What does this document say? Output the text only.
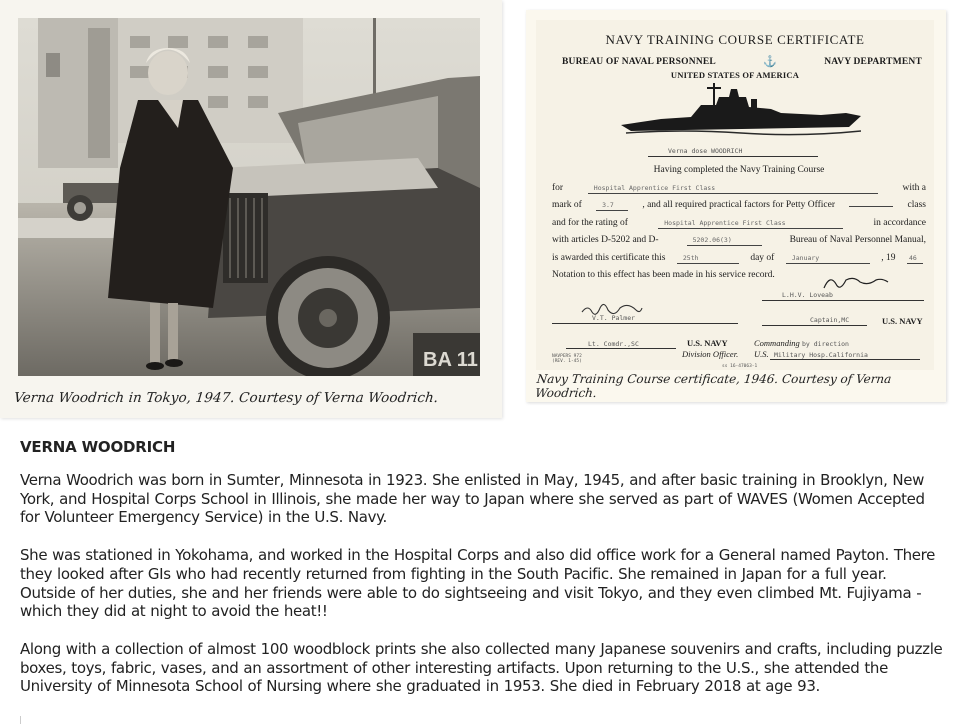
BA 11
Verna Woodrich in Tokyo, 1947. Courtesy of Verna Woodrich.
NAVY TRAINING COURSE CERTIFICATE
BUREAU OF NAVAL PERSONNEL	⚓	NAVY DEPARTMENT
UNITED STATES OF AMERICA
Verna dose WOODRICH
Having completed the Navy Training Course
for	Hospital Apprentice First Class	with a
mark of	3.7	, and all required practical factors for Petty Officer	class
and for the rating of	Hospital Apprentice First Class	in accordance
with articles D-5202 and D-	5202.06(3)	Bureau of Naval Personnel Manual,
is awarded this certificate this	25th	day of	January	, 19	46
Notation to this effect has been made in his service record.
L.H.V. Loveab
V.T. Palmer	Captain,MC	U.S. NAVY
Lt. Comdr.,SC	U.S. NAVY
Division Officer.
Commanding by direction
U.S. Military Hosp.California
NAVPERS 972 (REV. 1-45)
ss 16-47063-1
Navy Training Course certificate, 1946. Courtesy of Verna Woodrich.
VERNA WOODRICH

Verna Woodrich was born in Sumter, Minnesota in 1923. She enlisted in May, 1945, and after basic training in Brooklyn, New York, and Hospital Corps School in Illinois, she made her way to Japan where she served as part of WAVES (Women Accepted for Volunteer Emergency Service) in the U.S. Navy.

She was stationed in Yokohama, and worked in the Hospital Corps and also did office work for a General named Payton. There they looked after GIs who had recently returned from fighting in the South Pacific. She remained in Japan for a full year. Outside of her duties, she and her friends were able to do sightseeing and visit Tokyo, and they even climbed Mt. Fujiyama - which they did at night to avoid the heat!!

Along with a collection of almost 100 woodblock prints she also collected many Japanese souvenirs and crafts, including puzzle boxes, toys, fabric, vases, and an assortment of other interesting artifacts. Upon returning to the U.S., she attended the University of Minnesota School of Nursing where she graduated in 1953. She died in February 2018 at age 93.
